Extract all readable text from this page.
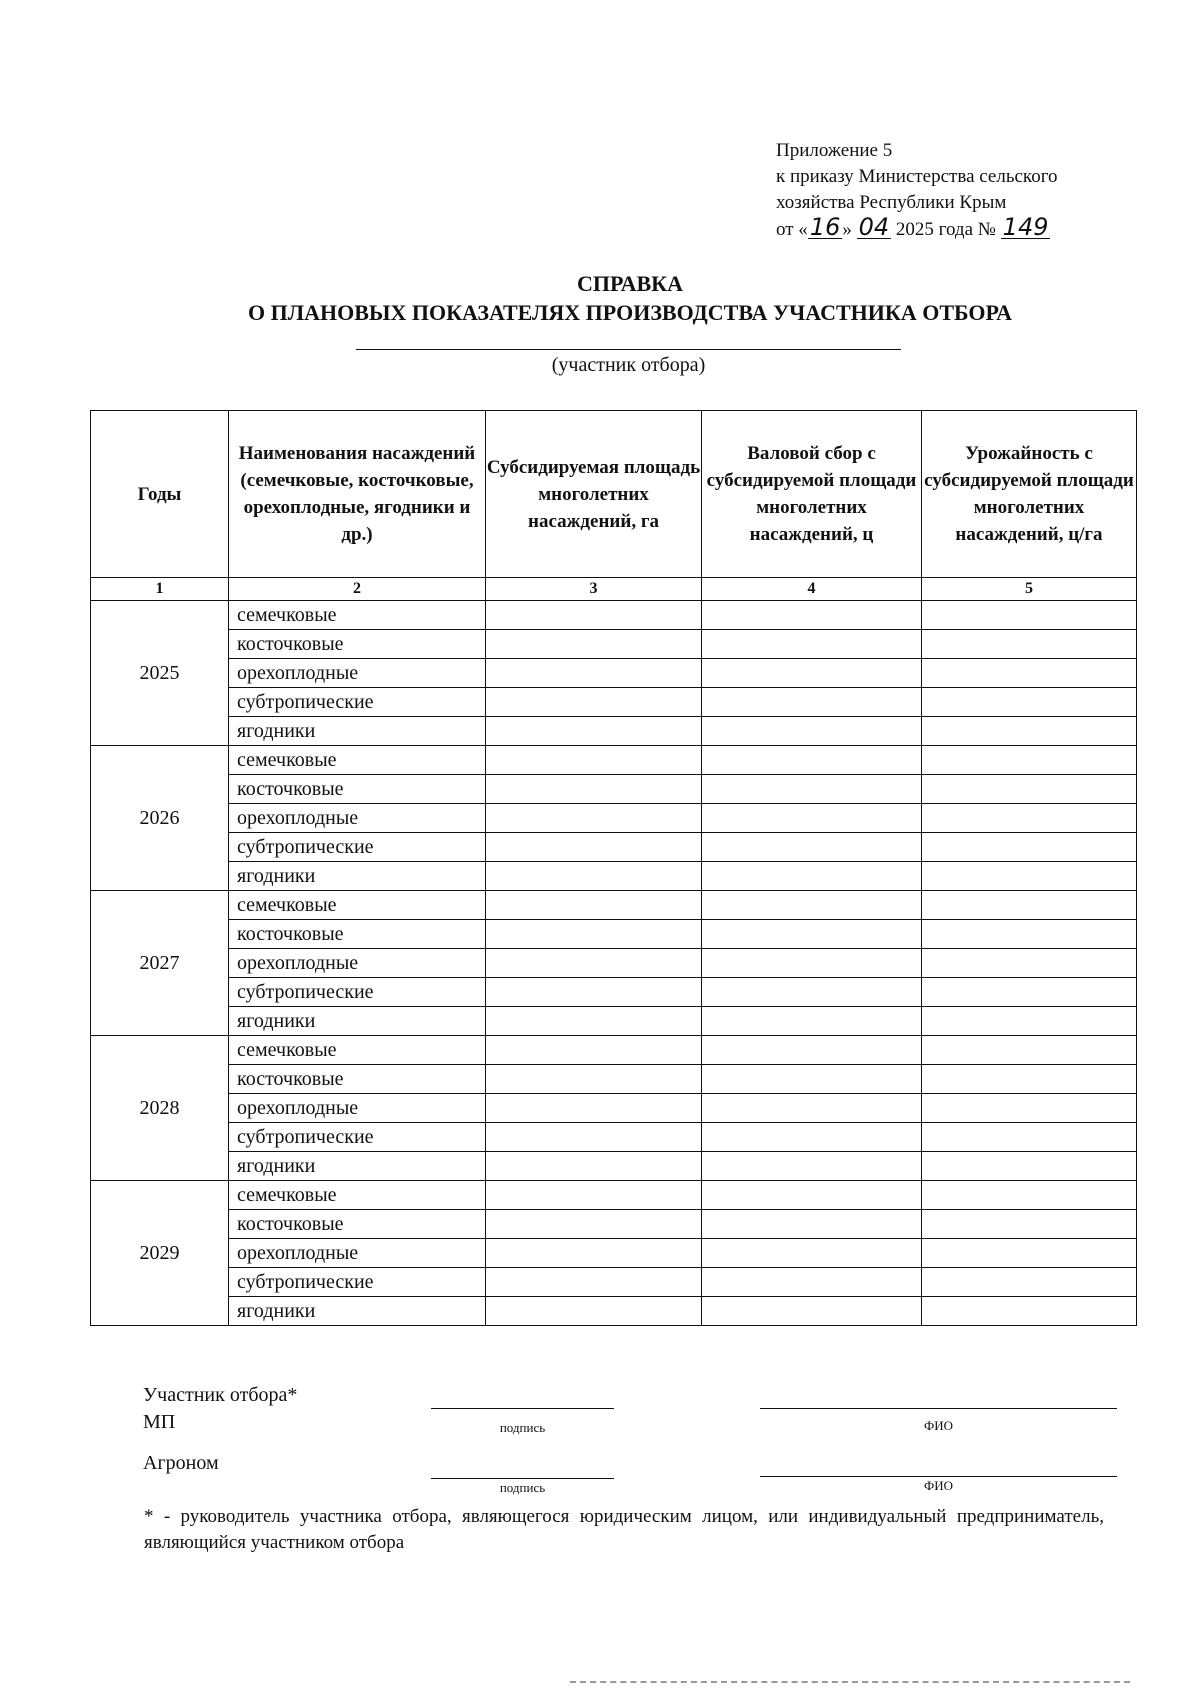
Приложение 5
к приказу Министерства сельского
хозяйства Республики Крым
от «16 » 04 2025 года № 149
СПРАВКА
О ПЛАНОВЫХ ПОКАЗАТЕЛЯХ ПРОИЗВОДСТВА УЧАСТНИКА ОТБОРА
(участник отбора)
Годы	Наименования насаждений (семечковые, косточковые, орехоплодные, ягодники и др.)	Субсидируемая площадь многолетних насаждений, га	Валовой сбор с субсидируемой площади многолетних насаждений, ц	Урожайность с субсидируемой площади многолетних насаждений, ц/га
1	2	3	4	5
2025	семечковые			
	косточковые			
	орехоплодные			
	субтропические			
	ягодники			
2026	семечковые			
	косточковые			
	орехоплодные			
	субтропические			
	ягодники			
2027	семечковые			
	косточковые			
	орехоплодные			
	субтропические			
	ягодники			
2028	семечковые			
	косточковые			
	орехоплодные			
	субтропические			
	ягодники			
2029	семечковые			
	косточковые			
	орехоплодные			
	субтропические			
	ягодники			
Участник отбора*
МП	подпись	ФИО
Агроном
подпись	ФИО
* - руководитель участника отбора, являющегося юридическим лицом, или индивидуальный предприниматель, являющийся участником отбора
